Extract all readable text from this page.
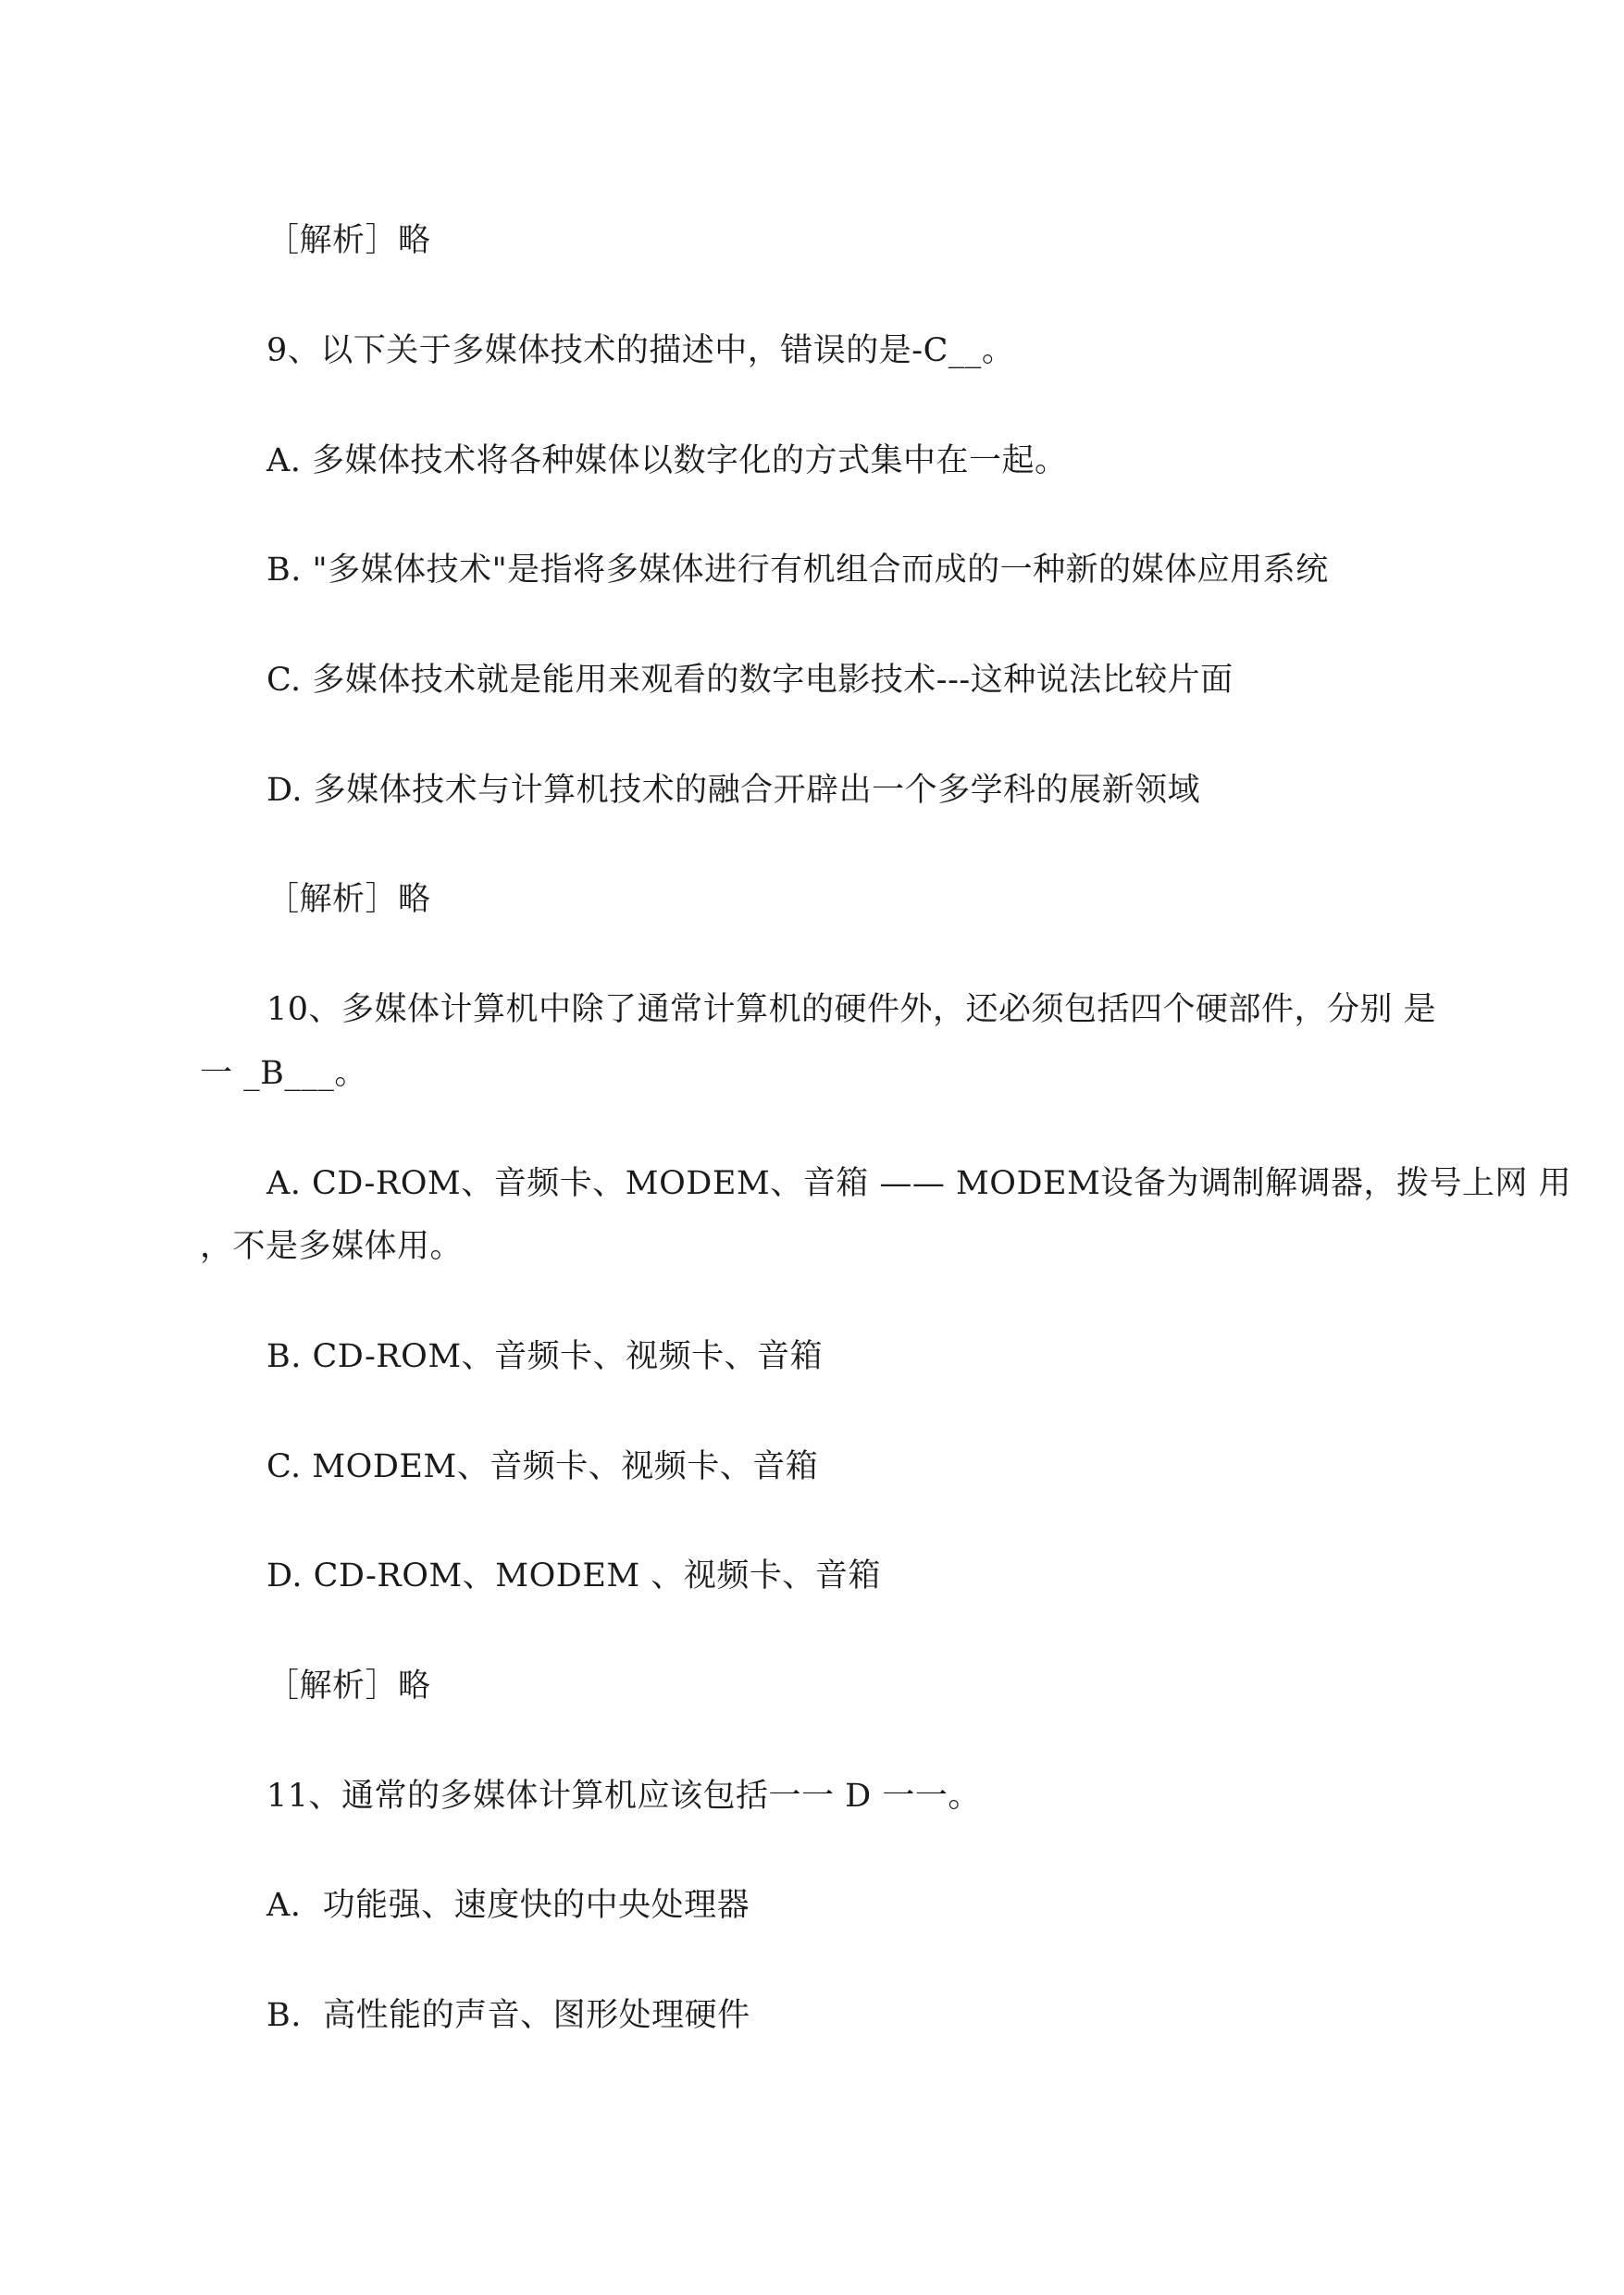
［解析］略
9、以下关于多媒体技术的描述中，错误的是-C__。
A. 多媒体技术将各种媒体以数字化的方式集中在一起。
B. "多媒体技术"是指将多媒体进行有机组合而成的一种新的媒体应用系统
C. 多媒体技术就是能用来观看的数字电影技术---这种说法比较片面
D. 多媒体技术与计算机技术的融合开辟出一个多学科的展新领域
［解析］略
10、多媒体计算机中除了通常计算机的硬件外，还必须包括四个硬部件，分别 是
一 _B___。
A. CD-ROM、音频卡、MODEM、音箱 —— MODEM设备为调制解调器，拨号上网 用
，不是多媒体用。
B. CD-ROM、音频卡、视频卡、音箱
C. MODEM、音频卡、视频卡、音箱
D. CD-ROM、MODEM 、视频卡、音箱
［解析］略
11、通常的多媒体计算机应该包括一一 D 一一。
A.  功能强、速度快的中央处理器
B.  高性能的声音、图形处理硬件
